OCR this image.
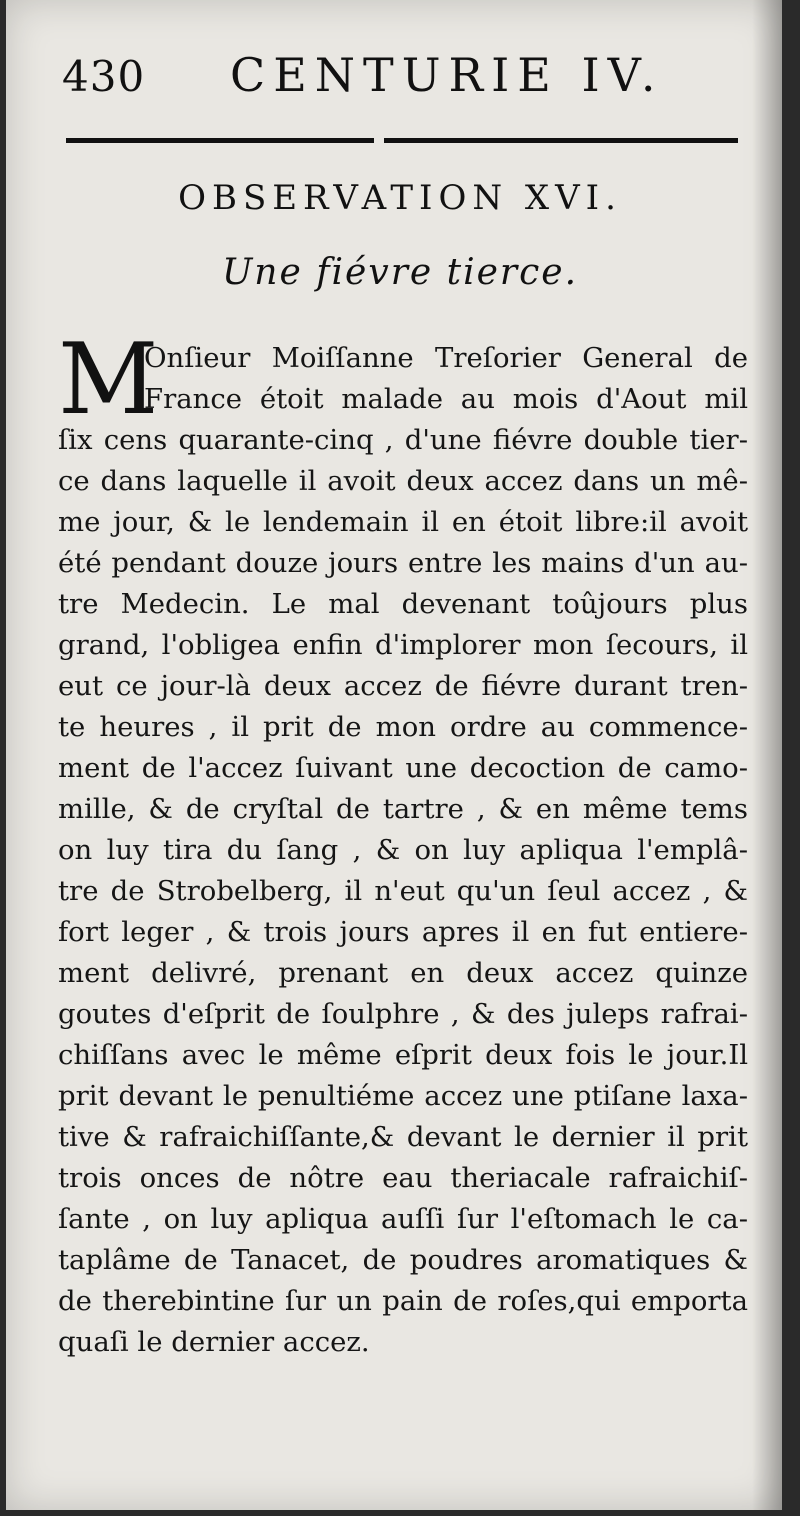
430 CENTURIE IV.
OBSERVATION XVI.
Une fiévre tierce.
M
Onſieur Moiſſanne Treſorier General de
France étoit malade au mois d'Aout mil
ſix cens quarante-cinq , d'une fiévre double tier-
ce dans laquelle il avoit deux accez dans un mê-
me jour, & le lendemain il en étoit libre:il avoit
été pendant douze jours entre les mains d'un au-
tre Medecin. Le mal devenant toûjours plus
grand, l'obligea enfin d'implorer mon ſecours, il
eut ce jour-là deux accez de fiévre durant tren-
te heures , il prit de mon ordre au commence-
ment de l'accez ſuivant une decoction de camo-
mille, & de cryſtal de tartre , & en même tems
on luy tira du ſang , & on luy apliqua l'emplâ-
tre de Strobelberg, il n'eut qu'un ſeul accez , &
fort leger , & trois jours apres il en fut entiere-
ment delivré, prenant en deux accez quinze
goutes d'eſprit de ſoulphre , & des juleps rafrai-
chiſſans avec le même eſprit deux fois le jour.Il
prit devant le penultiéme accez une ptiſane laxa-
tive & rafraichiſſante,& devant le dernier il prit
trois onces de nôtre eau theriacale rafraichiſ-
ſante , on luy apliqua auſſi ſur l'eſtomach le ca-
taplâme de Tanacet, de poudres aromatiques &
de therebintine ſur un pain de roſes,qui emporta
quaſi le dernier accez.
